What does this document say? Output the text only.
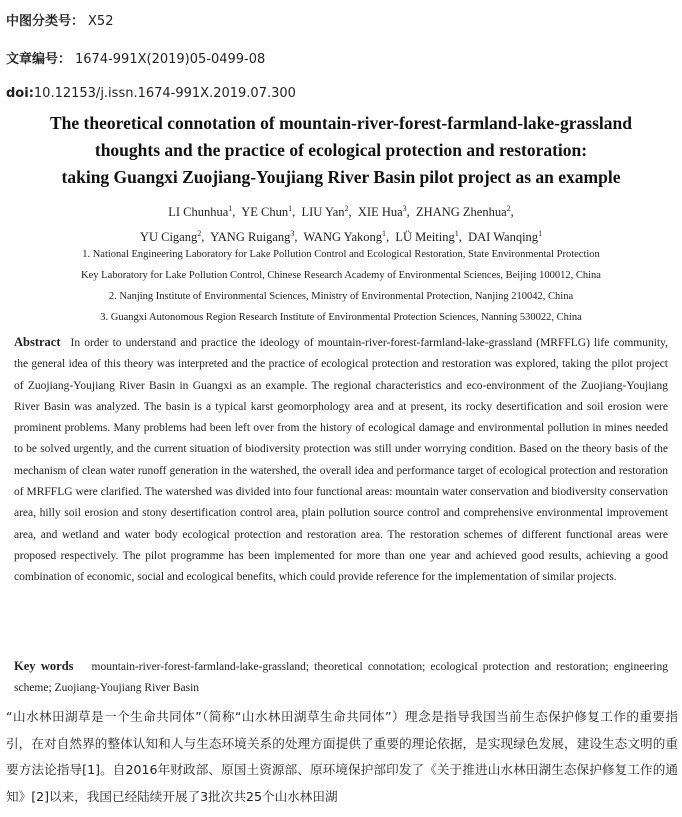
中图分类号： X52
文章编号： 1674-991X(2019)05-0499-08
doi:10.12153/j.issn.1674-991X.2019.07.300
The theoretical connotation of mountain-river-forest-farmland-lake-grassland
thoughts and the practice of ecological protection and restoration:
taking Guangxi Zuojiang-Youjiang River Basin pilot project as an example
LI Chunhua$^1$,  YE Chun$^1$,  LIU Yan$^2$,  XIE Hua$^3$,  ZHANG Zhenhua$^2$,
YU Cigang$^2$,  YANG Ruigang$^3$,  WANG Yakong$^1$,  LÜ Meiting$^1$,  DAI Wanqing$^1$
1. National Engineering Laboratory for Lake Pollution Control and Ecological Restoration, State Environmental Protection
Key Laboratory for Lake Pollution Control, Chinese Research Academy of Environmental Sciences, Beijing 100012, China
2. Nanjing Institute of Environmental Sciences, Ministry of Environmental Protection, Nanjing 210042, China
3. Guangxi Autonomous Region Research Institute of Environmental Protection Sciences, Nanning 530022, China
Abstract In order to understand and practice the ideology of mountain-river-forest-farmland-lake-grassland (MRFFLG) life community, the general idea of this theory was interpreted and the practice of ecological protection and restoration was explored, taking the pilot project of Zuojiang-Youjiang River Basin in Guangxi as an example. The regional characteristics and eco-environment of the Zuojiang-Youjiang River Basin was analyzed. The basin is a typical karst geomorphology area and at present, its rocky desertification and soil erosion were prominent problems. Many problems had been left over from the history of ecological damage and environmental pollution in mines needed to be solved urgently, and the current situation of biodiversity protection was still under worrying condition. Based on the theory basis of the mechanism of clean water runoff generation in the watershed, the overall idea and performance target of ecological protection and restoration of MRFFLG were clarified. The watershed was divided into four functional areas: mountain water conservation and biodiversity conservation area, hilly soil erosion and stony desertification control area, plain pollution source control and comprehensive environmental improvement area, and wetland and water body ecological protection and restoration area. The restoration schemes of different functional areas were proposed respectively. The pilot programme has been implemented for more than one year and achieved good results, achieving a good combination of economic, social and ecological benefits, which could provide reference for the implementation of similar projects.
Key words mountain-river-forest-farmland-lake-grassland; theoretical connotation; ecological protection and restoration; engineering scheme; Zuojiang-Youjiang River Basin
“山水林田湖草是一个生命共同体”（简称“山水林田湖草生命共同体”）理念是指导我国当前生态保护修复工作的重要指引，在对自然界的整体认知和人与生态环境关系的处理方面提供了重要的理论依据，是实现绿色发展，建设生态文明的重要方法论指导[1]。自2016年财政部、原国土资源部、原环境保护部印发了《关于推进山水林田湖生态保护修复工作的通知》[2]以来，我国已经陆续开展了3批次共25个山水林田湖
